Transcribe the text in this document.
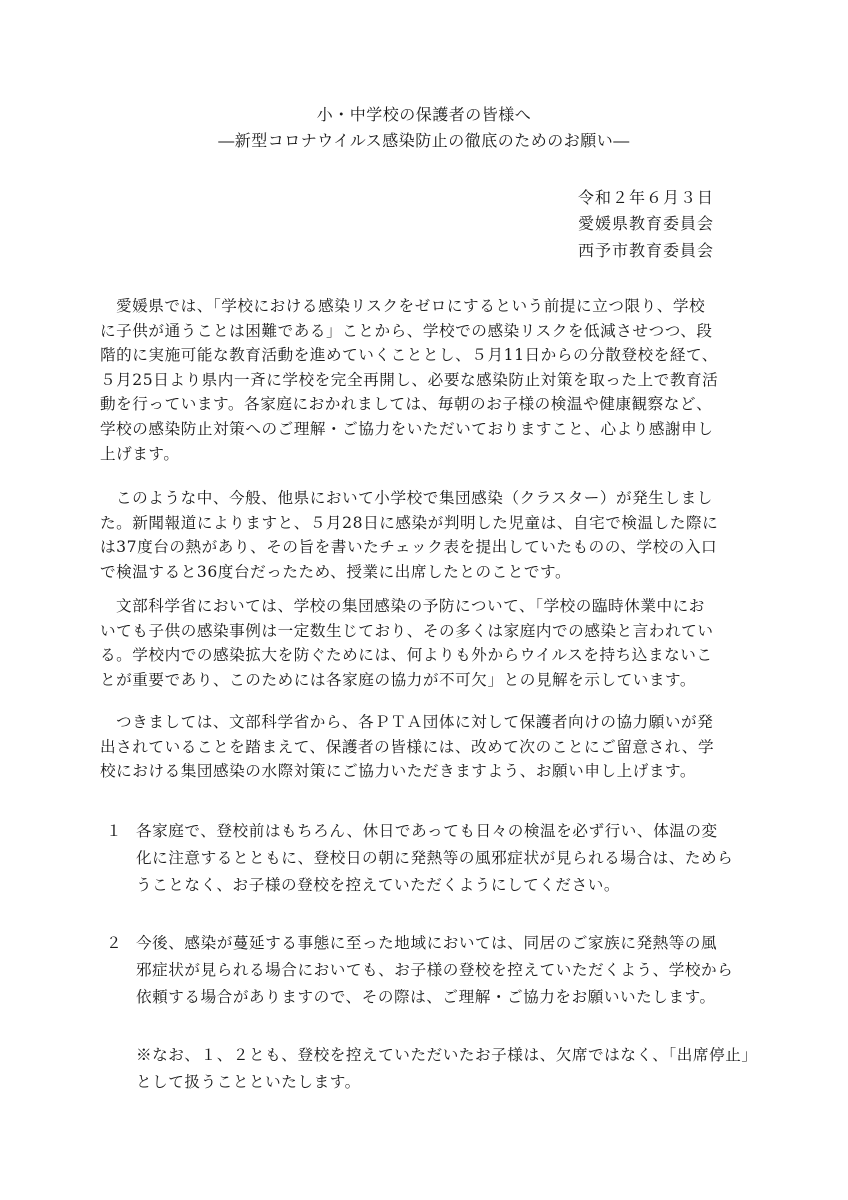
小・中学校の保護者の皆様へ
―新型コロナウイルス感染防止の徹底のためのお願い―
令和２年６月３日
愛媛県教育委員会
西予市教育委員会
愛媛県では、「学校における感染リスクをゼロにするという前提に立つ限り、学校
に子供が通うことは困難である」ことから、学校での感染リスクを低減させつつ、段
階的に実施可能な教育活動を進めていくこととし、５月11日からの分散登校を経て、
５月25日より県内一斉に学校を完全再開し、必要な感染防止対策を取った上で教育活
動を行っています。各家庭におかれましては、毎朝のお子様の検温や健康観察など、
学校の感染防止対策へのご理解・ご協力をいただいておりますこと、心より感謝申し
上げます。
このような中、今般、他県において小学校で集団感染（クラスター）が発生しまし
た。新聞報道によりますと、５月28日に感染が判明した児童は、自宅で検温した際に
は37度台の熱があり、その旨を書いたチェック表を提出していたものの、学校の入口
で検温すると36度台だったため、授業に出席したとのことです。
文部科学省においては、学校の集団感染の予防について、「学校の臨時休業中にお
いても子供の感染事例は一定数生じており、その多くは家庭内での感染と言われてい
る。学校内での感染拡大を防ぐためには、何よりも外からウイルスを持ち込まないこ
とが重要であり、このためには各家庭の協力が不可欠」との見解を示しています。
つきましては、文部科学省から、各ＰＴＡ団体に対して保護者向けの協力願いが発
出されていることを踏まえて、保護者の皆様には、改めて次のことにご留意され、学
校における集団感染の水際対策にご協力いただきますよう、お願い申し上げます。
１ 各家庭で、登校前はもちろん、休日であっても日々の検温を必ず行い、体温の変
化に注意するとともに、登校日の朝に発熱等の風邪症状が見られる場合は、ためら
うことなく、お子様の登校を控えていただくようにしてください。
２ 今後、感染が蔓延する事態に至った地域においては、同居のご家族に発熱等の風
邪症状が見られる場合においても、お子様の登校を控えていただくよう、学校から
依頼する場合がありますので、その際は、ご理解・ご協力をお願いいたします。
※なお、１、２とも、登校を控えていただいたお子様は、欠席ではなく、「出席停止」
として扱うことといたします。
